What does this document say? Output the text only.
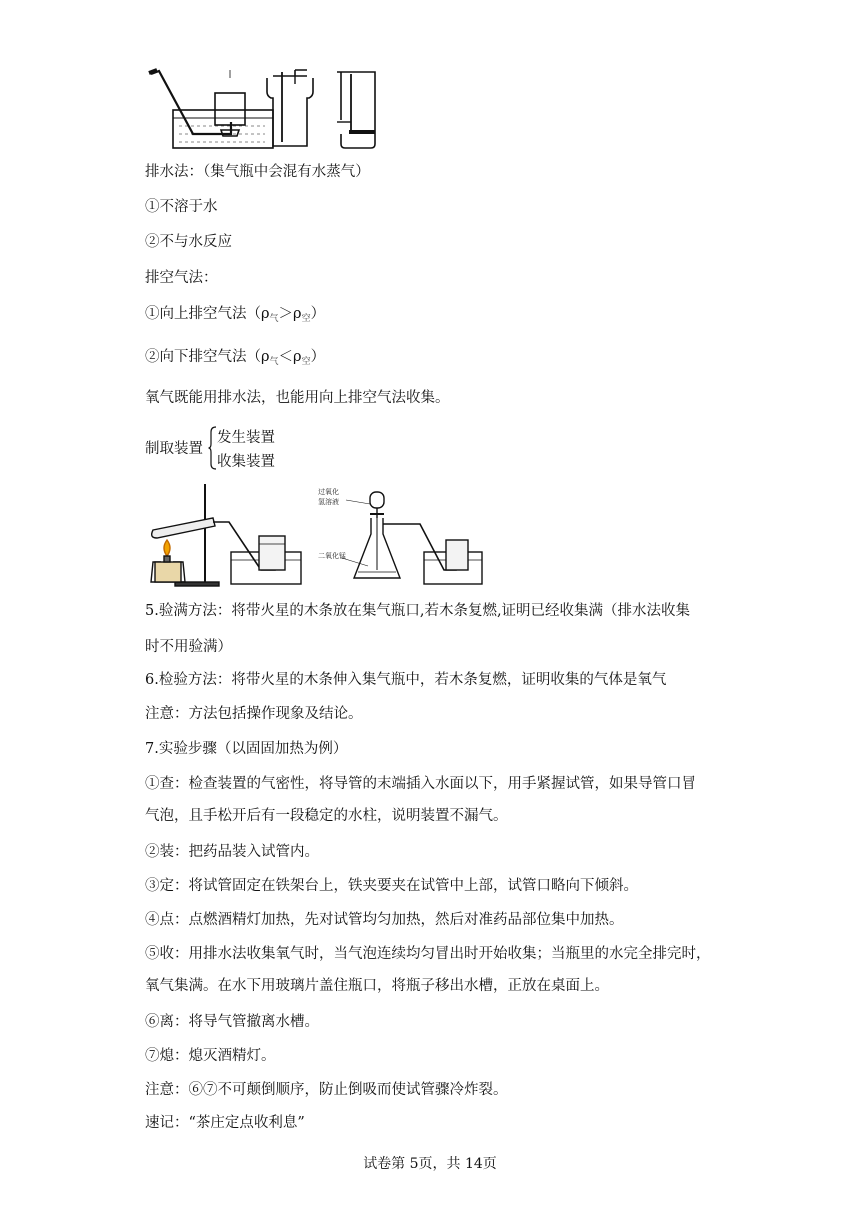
排水法：（集气瓶中会混有水蒸气）
①不溶于水
②不与水反应
排空气法：
①向上排空气法$(\rho_气>\rho_空)$
②向下排空气法$(\rho_气<\rho_空)$
氧气既能用排水法，也能用向上排空气法收集。
制取装置
发生装置
收集装置
过氧化
氢溶液
二氧化锰
5.验满方法：将带火星的木条放在集气瓶口,若木条复燃,证明已经收集满（排水法收集
时不用验满）
6.检验方法：将带火星的木条伸入集气瓶中，若木条复燃，证明收集的气体是氧气
注意：方法包括操作现象及结论。
7.实验步骤（以固固加热为例）
①查：检查装置的气密性，将导管的末端插入水面以下，用手紧握试管，如果导管口冒
气泡，且手松开后有一段稳定的水柱，说明装置不漏气。
②装：把药品装入试管内。
③定：将试管固定在铁架台上，铁夹要夹在试管中上部，试管口略向下倾斜。
④点：点燃酒精灯加热，先对试管均匀加热，然后对准药品部位集中加热。
⑤收：用排水法收集氧气时，当气泡连续均匀冒出时开始收集；当瓶里的水完全排完时，
氧气集满。在水下用玻璃片盖住瓶口，将瓶子移出水槽，正放在桌面上。
⑥离：将导气管撤离水槽。
⑦熄：熄灭酒精灯。
注意：⑥⑦不可颠倒顺序，防止倒吸而使试管骤冷炸裂。
速记：“茶庄定点收利息”
试卷第 5页，共 14页
